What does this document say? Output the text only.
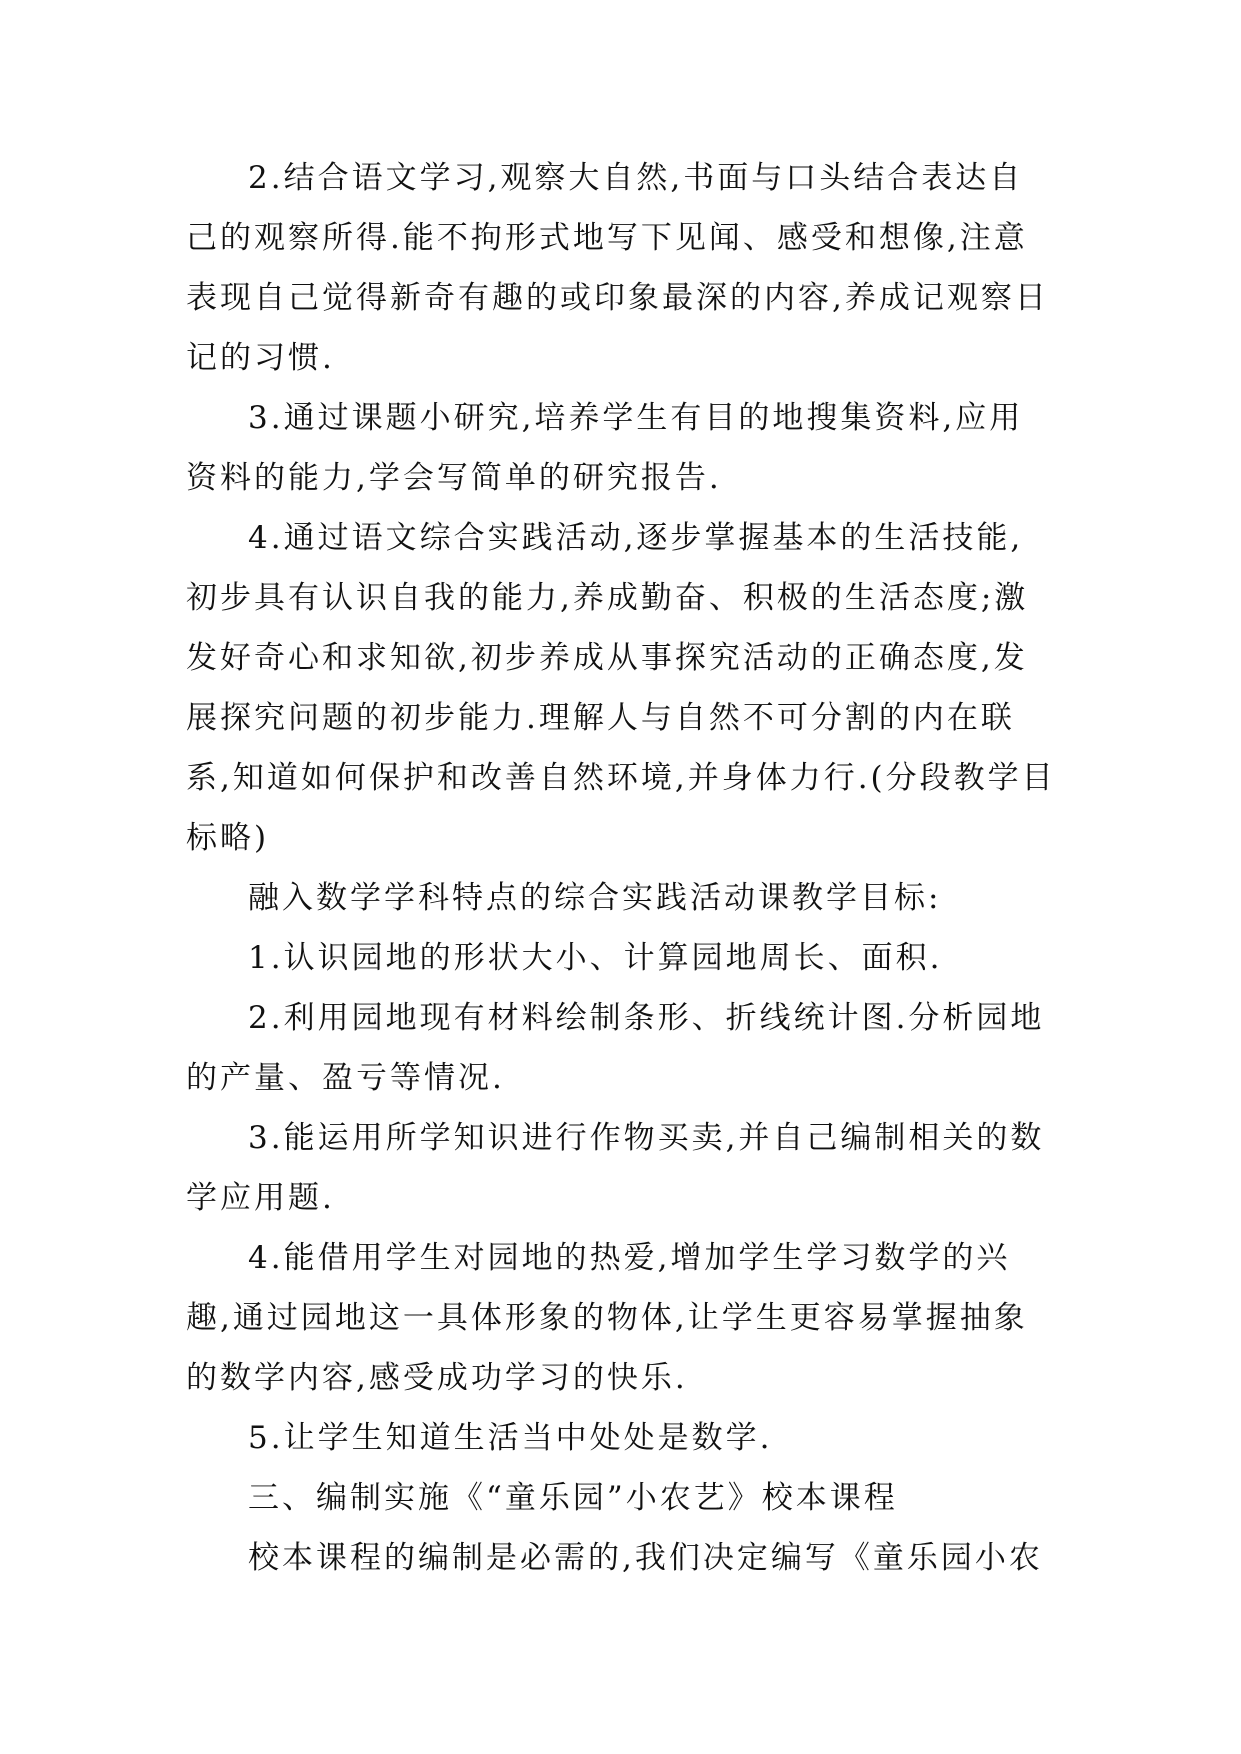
2.结合语文学习,观察大自然,书面与口头结合表达自己的观察所得.能不拘形式地写下见闻、感受和想像,注意表现自己觉得新奇有趣的或印象最深的内容,养成记观察日记的习惯.

3.通过课题小研究,培养学生有目的地搜集资料,应用资料的能力,学会写简单的研究报告.

4.通过语文综合实践活动,逐步掌握基本的生活技能,初步具有认识自我的能力,养成勤奋、积极的生活态度;激发好奇心和求知欲,初步养成从事探究活动的正确态度,发展探究问题的初步能力.理解人与自然不可分割的内在联系,知道如何保护和改善自然环境,并身体力行.(分段教学目标略)

融入数学学科特点的综合实践活动课教学目标:

1.认识园地的形状大小、计算园地周长、面积.

2.利用园地现有材料绘制条形、折线统计图.分析园地的产量、盈亏等情况.

3.能运用所学知识进行作物买卖,并自己编制相关的数学应用题.

4.能借用学生对园地的热爱,增加学生学习数学的兴趣,通过园地这一具体形象的物体,让学生更容易掌握抽象的数学内容,感受成功学习的快乐.

5.让学生知道生活当中处处是数学.

三、编制实施《“童乐园”小农艺》校本课程

校本课程的编制是必需的,我们决定编写《童乐园小农
